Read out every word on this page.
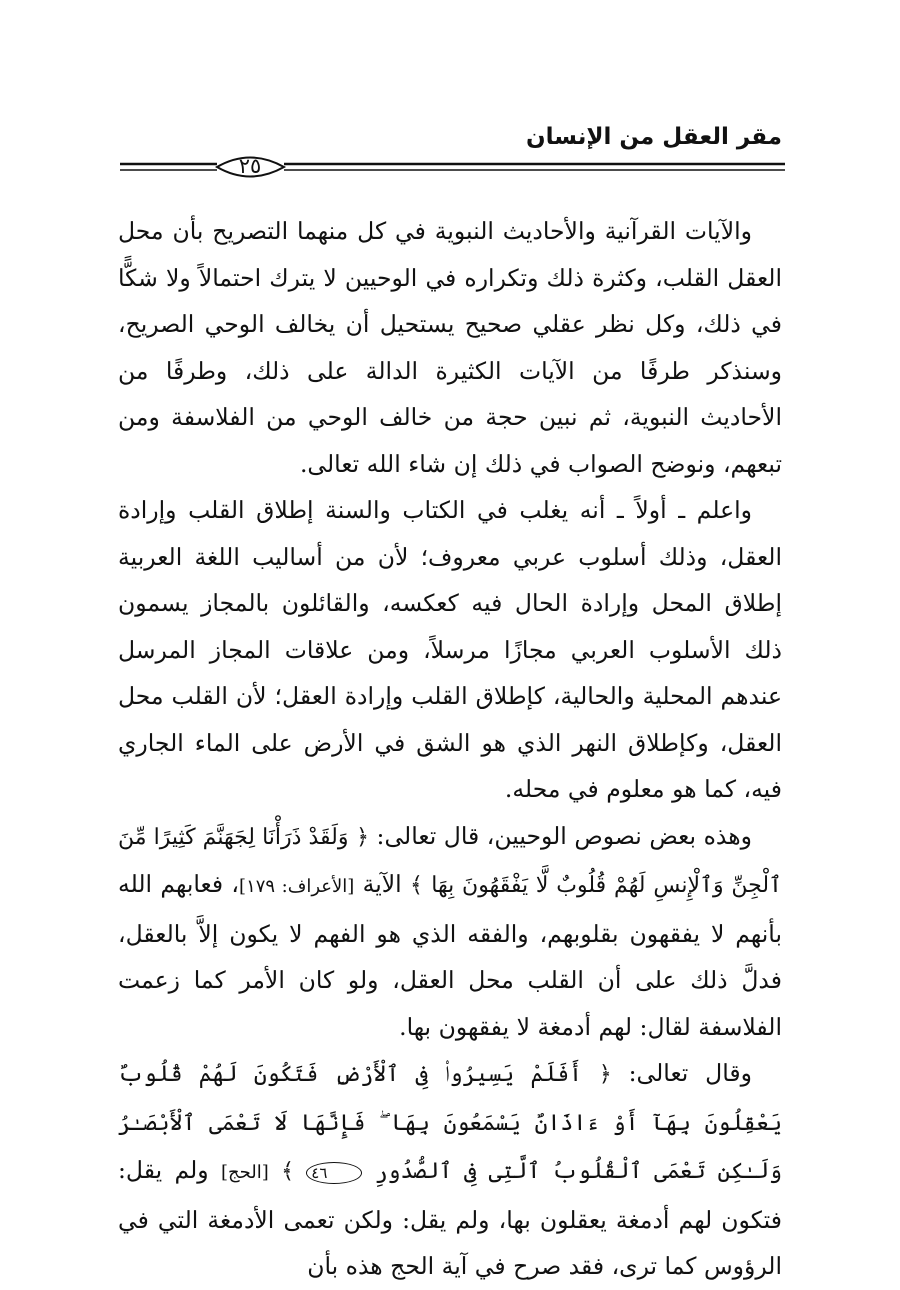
مقر العقل من الإنسان
٢٥

والآيات القرآنية والأحاديث النبوية في كل منهما التصريح بأن محل العقل القلب، وكثرة ذلك وتكراره في الوحيين لا يترك احتمالاً ولا شكًّا في ذلك، وكل نظر عقلي صحيح يستحيل أن يخالف الوحي الصريح، وسنذكر طرفًا من الآيات الكثيرة الدالة على ذلك، وطرفًا من الأحاديث النبوية، ثم نبين حجة من خالف الوحي من الفلاسفة ومن تبعهم، ونوضح الصواب في ذلك إن شاء الله تعالى.

واعلم ـ أولاً ـ أنه يغلب في الكتاب والسنة إطلاق القلب وإرادة العقل، وذلك أسلوب عربي معروف؛ لأن من أساليب اللغة العربية إطلاق المحل وإرادة الحال فيه كعكسه، والقائلون بالمجاز يسمون ذلك الأسلوب العربي مجازًا مرسلاً، ومن علاقات المجاز المرسل عندهم المحلية والحالية، كإطلاق القلب وإرادة العقل؛ لأن القلب محل العقل، وكإطلاق النهر الذي هو الشق في الأرض على الماء الجاري فيه، كما هو معلوم في محله.

وهذه بعض نصوص الوحيين، قال تعالى: ﴿ وَلَقَدْ ذَرَأْنَا لِجَهَنَّمَ كَثِيرًا مِّنَ ٱلْجِنِّ وَٱلْإِنسِ لَهُمْ قُلُوبٌ لَّا يَفْقَهُونَ بِهَا ﴾ الآية [الأعراف: ١٧٩]، فعابهم الله بأنهم لا يفقهون بقلوبهم، والفقه الذي هو الفهم لا يكون إلاَّ بالعقل، فدلَّ ذلك على أن القلب محل العقل، ولو كان الأمر كما زعمت الفلاسفة لقال: لهم أدمغة لا يفقهون بها.

وقال تعالى: ﴿ أَفَلَمْ يَسِيرُوا۟ فِى ٱلْأَرْضِ فَتَكُونَ لَهُمْ قُلُوبٌ يَعْقِلُونَ بِهَآ أَوْ ءَاذَانٌ يَسْمَعُونَ بِهَا ۖ فَإِنَّهَا لَا تَعْمَى ٱلْأَبْصَـٰرُ وَلَـٰكِن تَعْمَى ٱلْقُلُوبُ ٱلَّتِى فِى ٱلصُّدُورِ ٤٦ ﴾ [الحج] ولم يقل: فتكون لهم أدمغة يعقلون بها، ولم يقل: ولكن تعمى الأدمغة التي في الرؤوس كما ترى، فقد صرح في آية الحج هذه بأن
